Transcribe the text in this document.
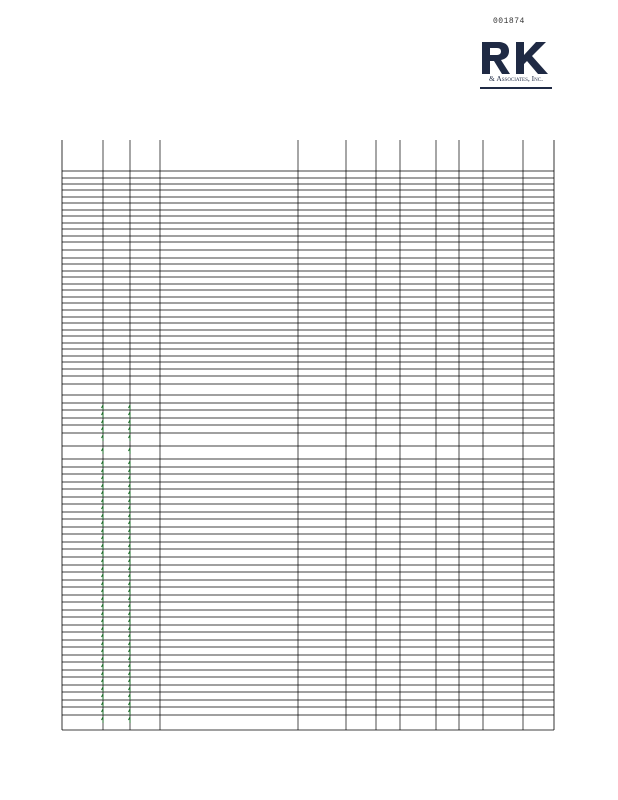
001874
& Associates, Inc.
